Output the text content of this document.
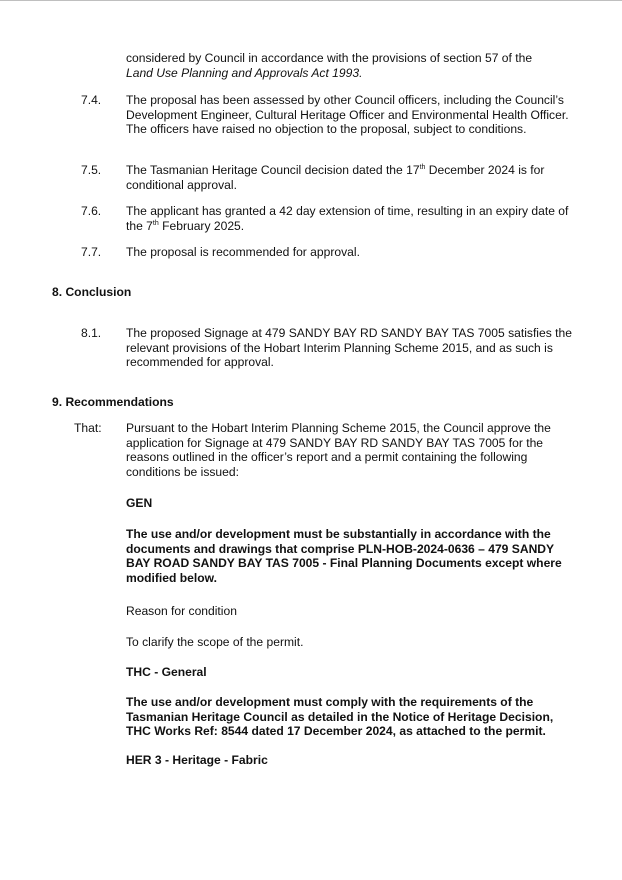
considered by Council in accordance with the provisions of section 57 of the
Land Use Planning and Approvals Act 1993.
7.4. The proposal has been assessed by other Council officers, including the Council’s Development Engineer, Cultural Heritage Officer and Environmental Health Officer. The officers have raised no objection to the proposal, subject to conditions.
7.5. The Tasmanian Heritage Council decision dated the 17th December 2024 is for conditional approval.
7.6. The applicant has granted a 42 day extension of time, resulting in an expiry date of the 7th February 2025.
7.7. The proposal is recommended for approval.
8. Conclusion
8.1. The proposed Signage at 479 SANDY BAY RD SANDY BAY TAS 7005 satisfies the relevant provisions of the Hobart Interim Planning Scheme 2015, and as such is recommended for approval.
9. Recommendations
That: Pursuant to the Hobart Interim Planning Scheme 2015, the Council approve the application for Signage at 479 SANDY BAY RD SANDY BAY TAS 7005 for the reasons outlined in the officer’s report and a permit containing the following conditions be issued:
GEN
The use and/or development must be substantially in accordance with the documents and drawings that comprise PLN-HOB-2024-0636 – 479 SANDY BAY ROAD SANDY BAY TAS 7005 - Final Planning Documents except where modified below.
Reason for condition
To clarify the scope of the permit.
THC - General
The use and/or development must comply with the requirements of the Tasmanian Heritage Council as detailed in the Notice of Heritage Decision, THC Works Ref: 8544 dated 17 December 2024, as attached to the permit.
HER 3 - Heritage - Fabric
